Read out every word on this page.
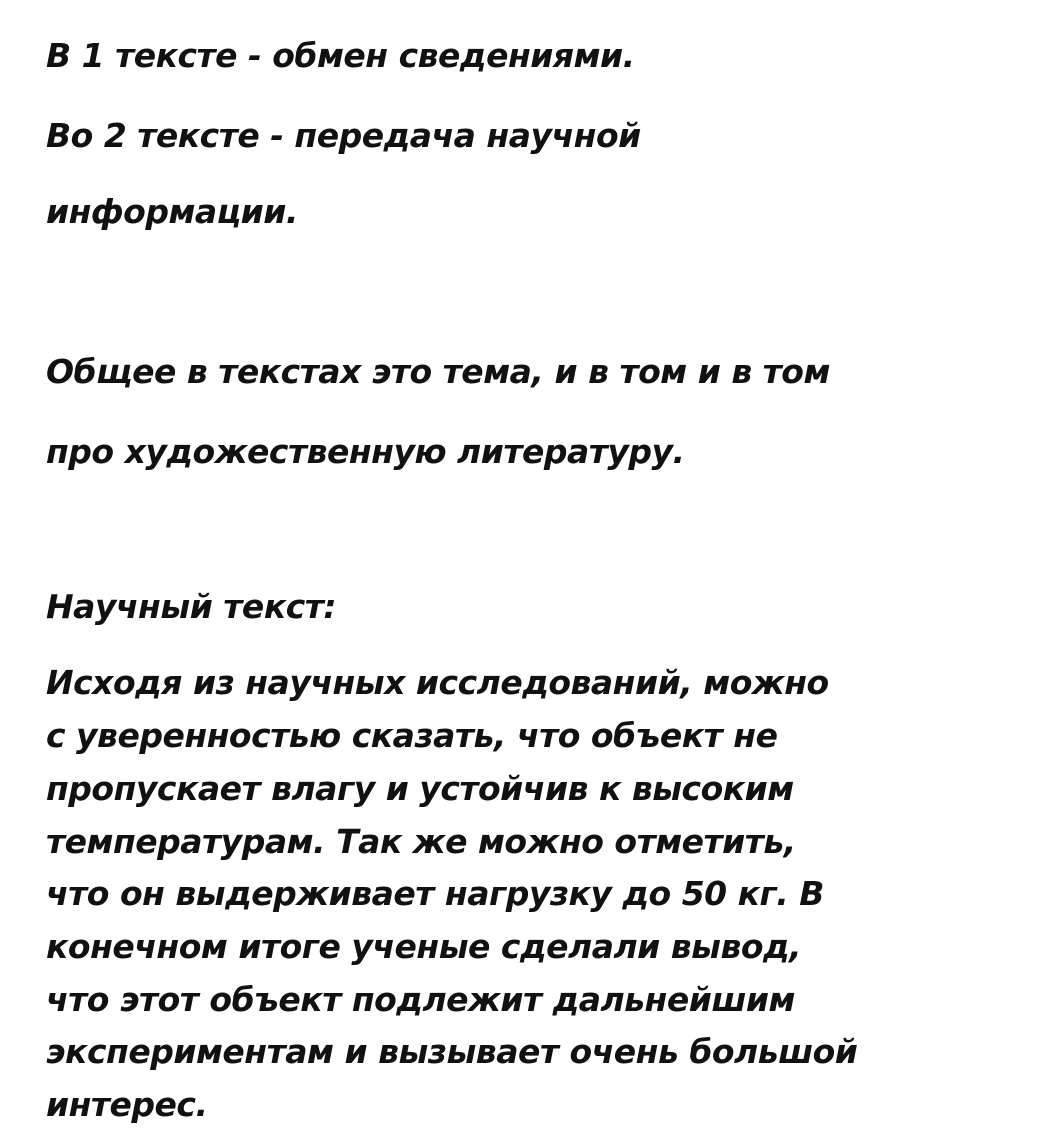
В 1 тексте - обмен сведениями.
Во 2 тексте - передача научной
информации.
Общее в текстах это тема, и в том и в том
про художественную литературу.
Научный текст:
Исходя из научных исследований, можно
с уверенностью сказать, что объект не
пропускает влагу и устойчив к высоким
температурам. Так же можно отметить,
что он выдерживает нагрузку до 50 кг. В
конечном итоге ученые сделали вывод,
что этот объект подлежит дальнейшим
экспериментам и вызывает очень большой
интерес.
